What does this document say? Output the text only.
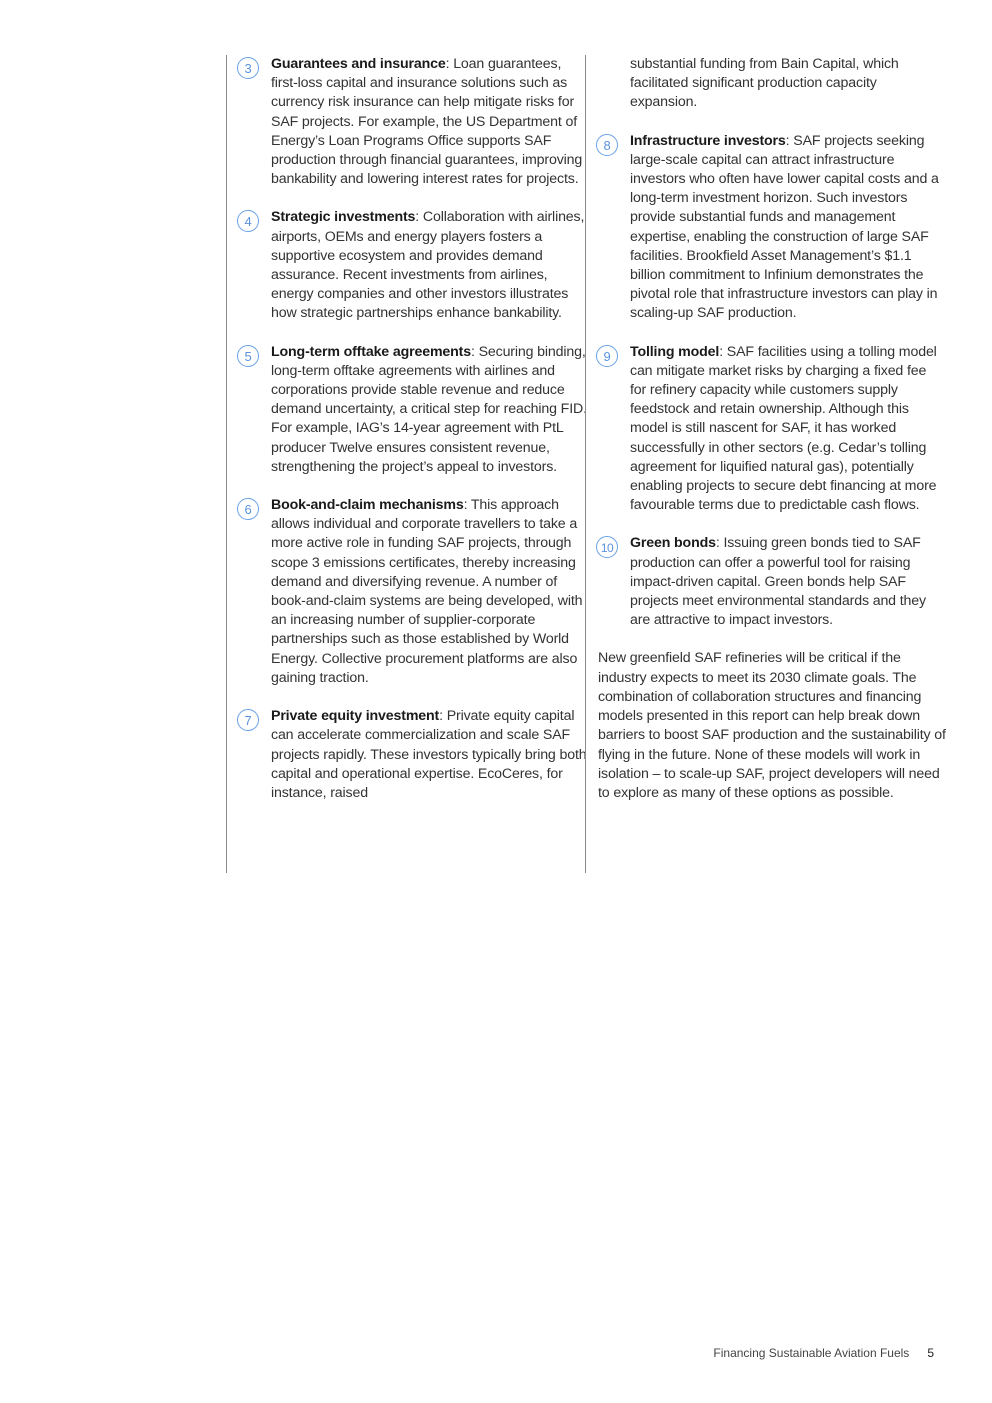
3	Guarantees and insurance: Loan guarantees, first-loss capital and insurance solutions such as currency risk insurance can help mitigate risks for SAF projects. For example, the US Department of Energy’s Loan Programs Office supports SAF production through financial guarantees, improving bankability and lowering interest rates for projects.

4	Strategic investments: Collaboration with airlines, airports, OEMs and energy players fosters a supportive ecosystem and provides demand assurance. Recent investments from airlines, energy companies and other investors illustrates how strategic partnerships enhance bankability.

5	Long-term offtake agreements: Securing binding, long-term offtake agreements with airlines and corporations provide stable revenue and reduce demand uncertainty, a critical step for reaching FID. For example, IAG’s 14-year agreement with PtL producer Twelve ensures consistent revenue, strengthening the project’s appeal to investors.

6	Book-and-claim mechanisms: This approach allows individual and corporate travellers to take a more active role in funding SAF projects, through scope 3 emissions certificates, thereby increasing demand and diversifying revenue. A number of book-and-claim systems are being developed, with an increasing number of supplier-corporate partnerships such as those established by World Energy. Collective procurement platforms are also gaining traction.

7	Private equity investment: Private equity capital can accelerate commercialization and scale SAF projects rapidly. These investors typically bring both capital and operational expertise. EcoCeres, for instance, raised

substantial funding from Bain Capital, which facilitated significant production capacity expansion.

8	Infrastructure investors: SAF projects seeking large-scale capital can attract infrastructure investors who often have lower capital costs and a long-term investment horizon. Such investors provide substantial funds and management expertise, enabling the construction of large SAF facilities. Brookfield Asset Management’s $1.1 billion commitment to Infinium demonstrates the pivotal role that infrastructure investors can play in scaling-up SAF production.

9	Tolling model: SAF facilities using a tolling model can mitigate market risks by charging a fixed fee for refinery capacity while customers supply feedstock and retain ownership. Although this model is still nascent for SAF, it has worked successfully in other sectors (e.g. Cedar’s tolling agreement for liquified natural gas), potentially enabling projects to secure debt financing at more favourable terms due to predictable cash flows.

10	Green bonds: Issuing green bonds tied to SAF production can offer a powerful tool for raising impact-driven capital. Green bonds help SAF projects meet environmental standards and they are attractive to impact investors.

New greenfield SAF refineries will be critical if the industry expects to meet its 2030 climate goals. The combination of collaboration structures and financing models presented in this report can help break down barriers to boost SAF production and the sustainability of flying in the future. None of these models will work in isolation – to scale-up SAF, project developers will need to explore as many of these options as possible.

Financing Sustainable Aviation Fuels 5
